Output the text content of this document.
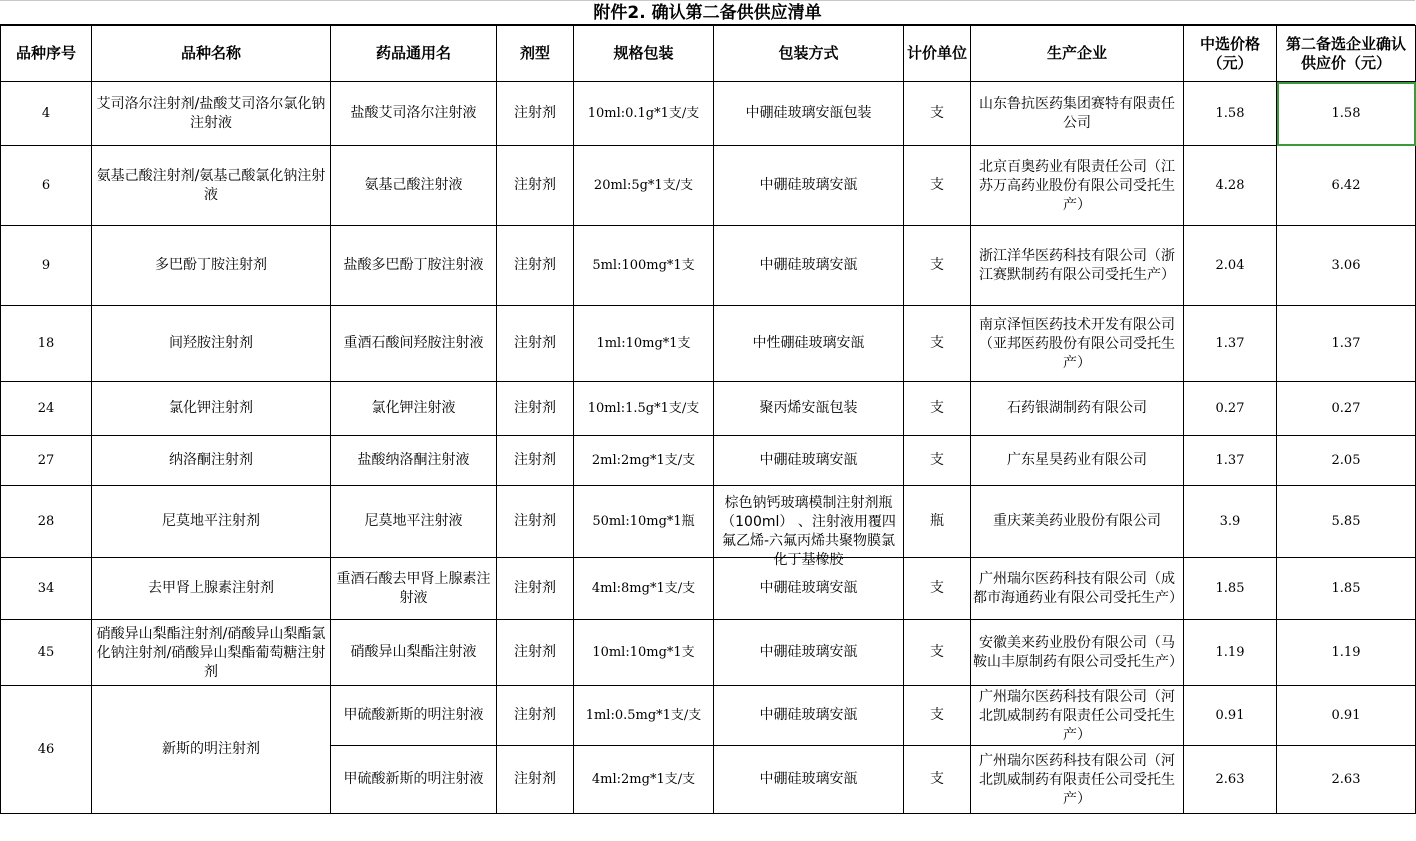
附件2. 确认第二备供供应清单
品种序号	品种名称	药品通用名	剂型	规格包装	包装方式	计价单位	生产企业	中选价格（元）	第二备选企业确认供应价（元）

4	艾司洛尔注射剂/盐酸艾司洛尔氯化钠注射液	盐酸艾司洛尔注射液	注射剂	10ml:0.1g*1支/支	中硼硅玻璃安瓿包装	支	山东鲁抗医药集团赛特有限责任公司	1.58	1.58

6	氨基己酸注射剂/氨基己酸氯化钠注射液	氨基己酸注射液	注射剂	20ml:5g*1支/支	中硼硅玻璃安瓿	支	北京百奥药业有限责任公司（江苏万高药业股份有限公司受托生产）	4.28	6.42

9	多巴酚丁胺注射剂	盐酸多巴酚丁胺注射液	注射剂	5ml:100mg*1支	中硼硅玻璃安瓿	支	浙江洋华医药科技有限公司（浙江赛默制药有限公司受托生产）	2.04	3.06

18	间羟胺注射剂	重酒石酸间羟胺注射液	注射剂	1ml:10mg*1支	中性硼硅玻璃安瓿	支	南京泽恒医药技术开发有限公司 （亚邦医药股份有限公司受托生产）	1.37	1.37

24	氯化钾注射剂	氯化钾注射液	注射剂	10ml:1.5g*1支/支	聚丙烯安瓿包装	支	石药银湖制药有限公司	0.27	0.27

27	纳洛酮注射剂	盐酸纳洛酮注射液	注射剂	2ml:2mg*1支/支	中硼硅玻璃安瓿	支	广东星昊药业有限公司	1.37	2.05

28	尼莫地平注射剂	尼莫地平注射液	注射剂	50ml:10mg*1瓶	棕色钠钙玻璃模制注射剂瓶 （100ml） 、注射液用覆四氟乙烯-六氟丙烯共聚物膜氯化丁基橡胶	瓶	重庆莱美药业股份有限公司	3.9	5.85

34	去甲肾上腺素注射剂	重酒石酸去甲肾上腺素注射液	注射剂	4ml:8mg*1支/支	中硼硅玻璃安瓿	支	广州瑞尔医药科技有限公司（成都市海通药业有限公司受托生产）	1.85	1.85

45	硝酸异山梨酯注射剂/硝酸异山梨酯氯化钠注射剂/硝酸异山梨酯葡萄糖注射剂	硝酸异山梨酯注射液	注射剂	10ml:10mg*1支	中硼硅玻璃安瓿	支	安徽美来药业股份有限公司（马鞍山丰原制药有限公司受托生产）	1.19	1.19

46	新斯的明注射剂	甲硫酸新斯的明注射液	注射剂	1ml:0.5mg*1支/支	中硼硅玻璃安瓿	支	广州瑞尔医药科技有限公司（河北凯威制药有限责任公司受托生产）	0.91	0.91

		甲硫酸新斯的明注射液	注射剂	4ml:2mg*1支/支	中硼硅玻璃安瓿	支	广州瑞尔医药科技有限公司（河北凯威制药有限责任公司受托生产）	2.63	2.63
